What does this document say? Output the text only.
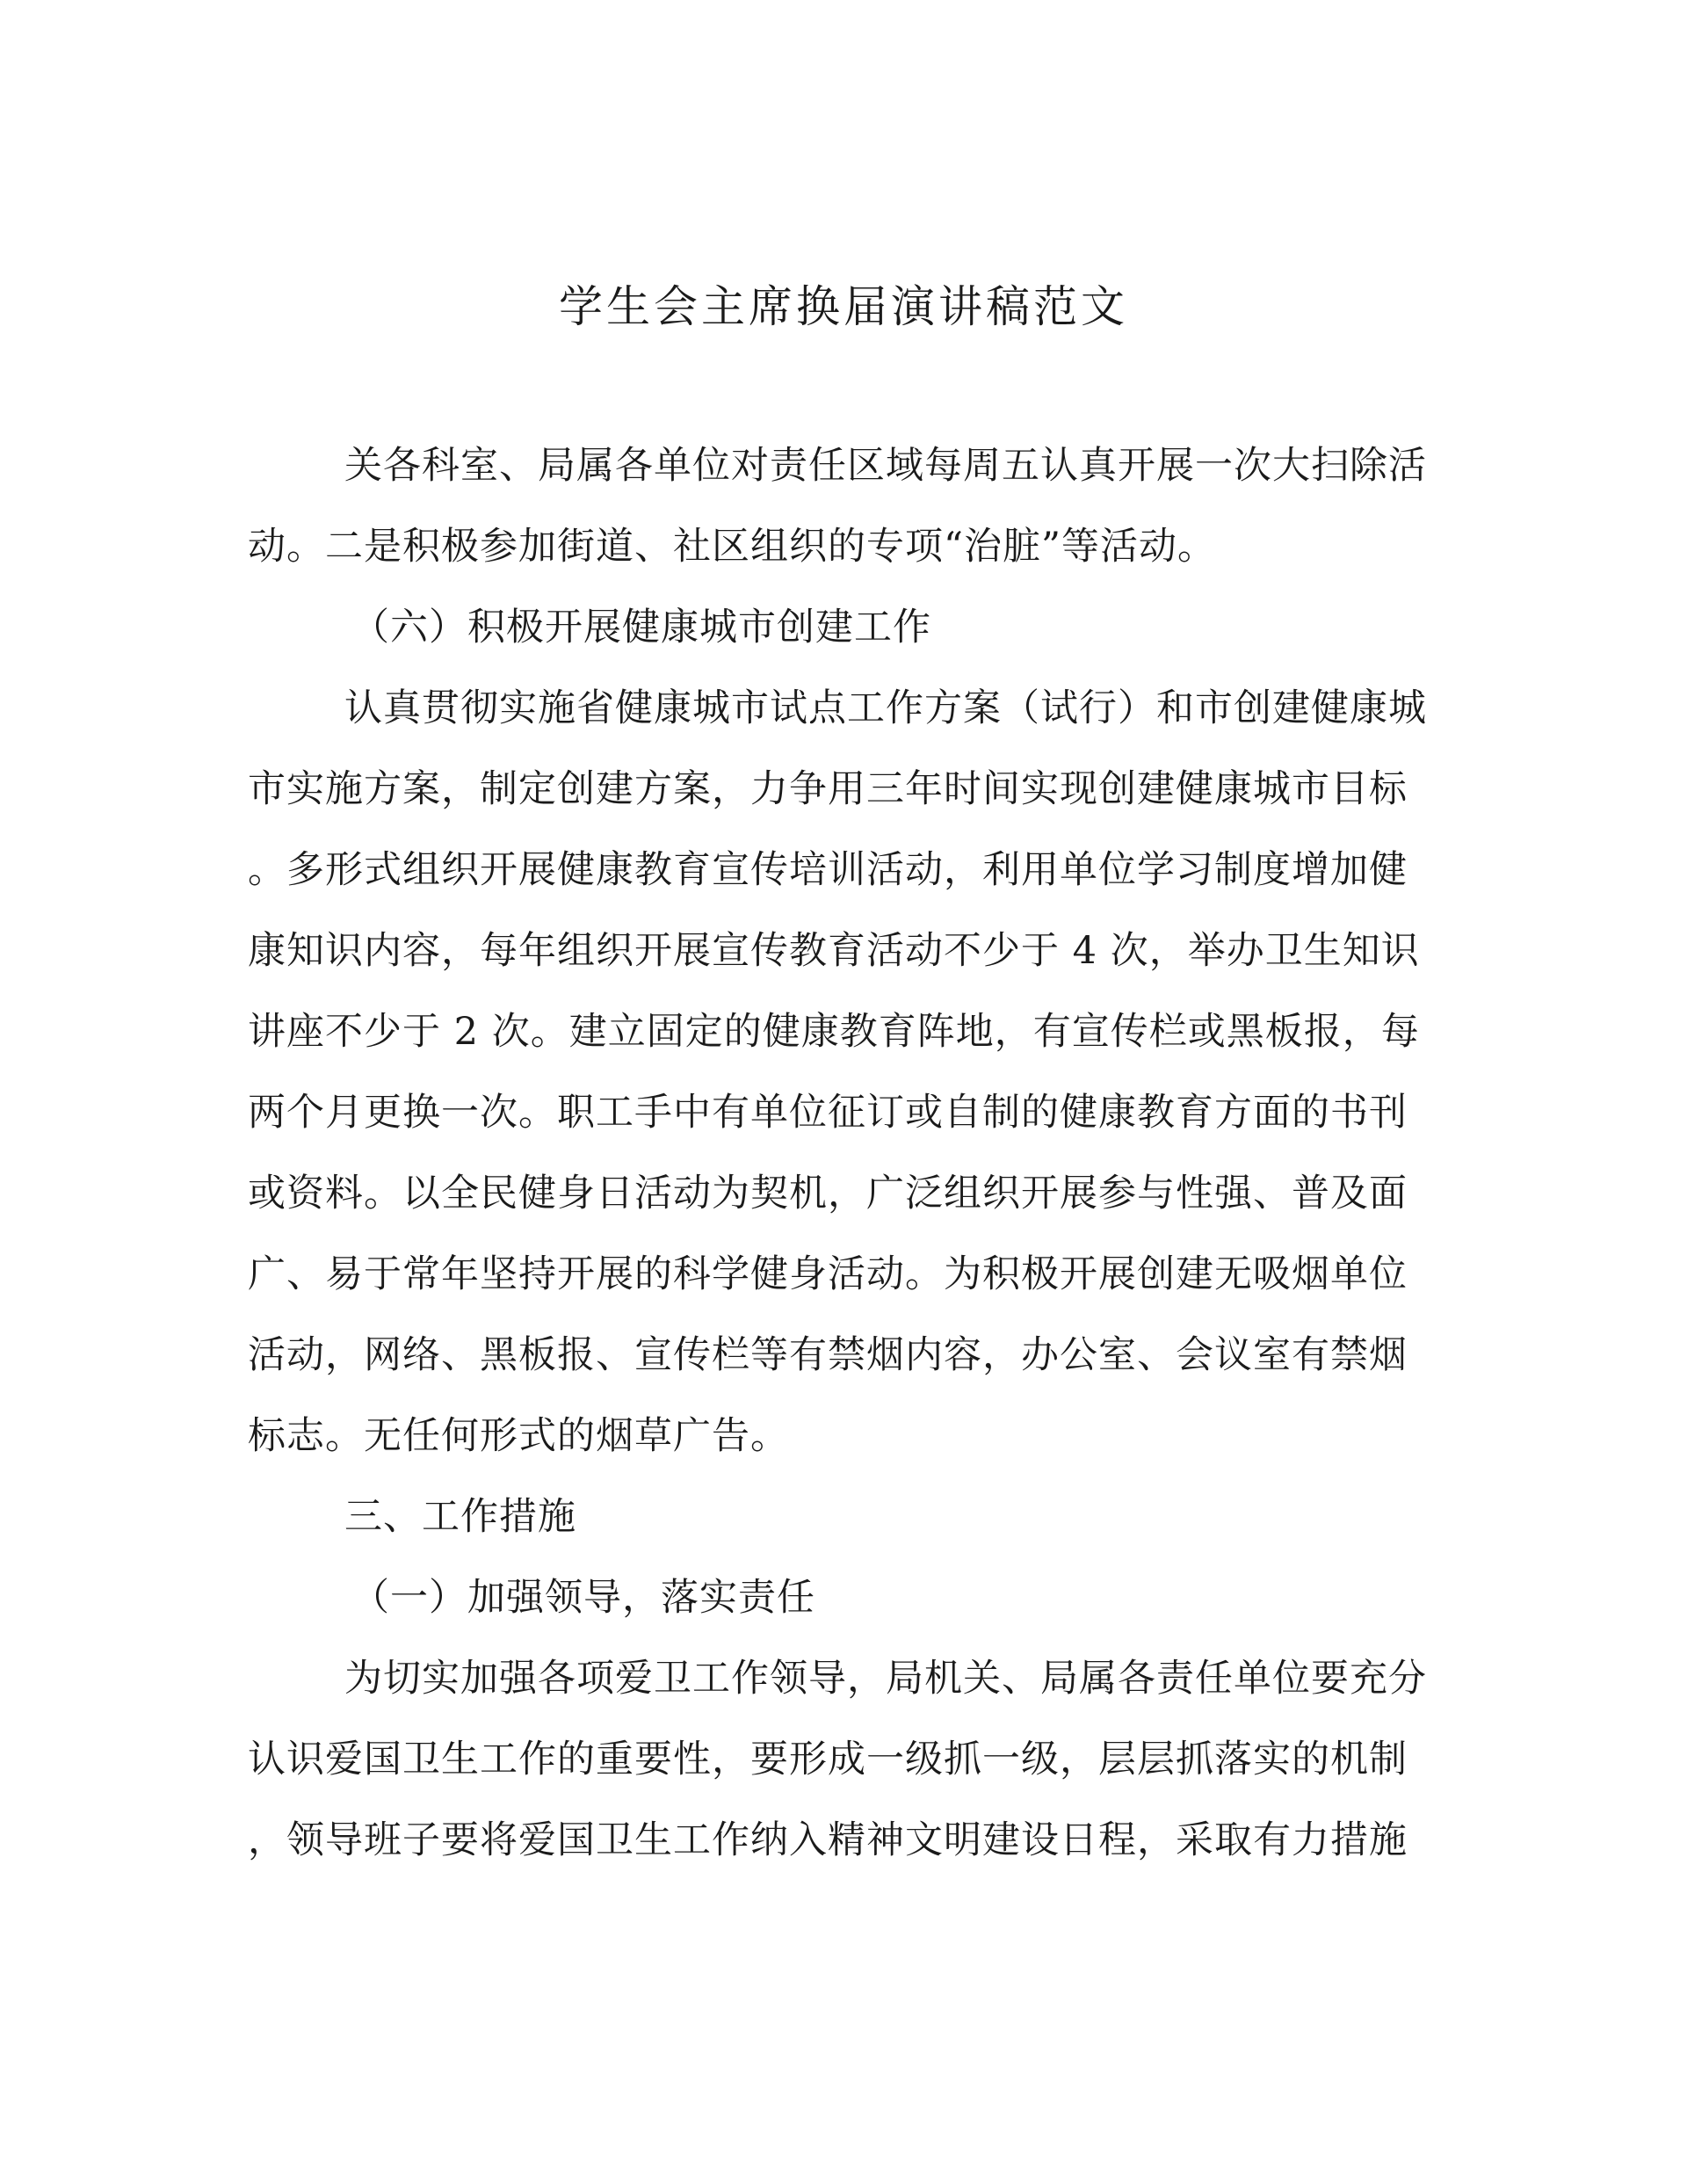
学生会主席换届演讲稿范文
关各科室、局属各单位对责任区域每周五认真开展一次大扫除活
动。二是积极参加街道、社区组织的专项“治脏”等活动。
（六）积极开展健康城市创建工作
认真贯彻实施省健康城市试点工作方案（试行）和市创建健康城
市实施方案，制定创建方案，力争用三年时间实现创建健康城市目标
。多形式组织开展健康教育宣传培训活动，利用单位学习制度增加健
康知识内容，每年组织开展宣传教育活动不少于 4 次，举办卫生知识
讲座不少于 2 次。建立固定的健康教育阵地，有宣传栏或黑板报，每
两个月更换一次。职工手中有单位征订或自制的健康教育方面的书刊
或资料。以全民健身日活动为契机，广泛组织开展参与性强、普及面
广、易于常年坚持开展的科学健身活动。为积极开展创建无吸烟单位
活动，网络、黑板报、宣传栏等有禁烟内容，办公室、会议室有禁烟
标志。无任何形式的烟草广告。
三、工作措施
（一）加强领导，落实责任
为切实加强各项爱卫工作领导，局机关、局属各责任单位要充分
认识爱国卫生工作的重要性，要形成一级抓一级，层层抓落实的机制
，领导班子要将爱国卫生工作纳入精神文明建设日程，采取有力措施
